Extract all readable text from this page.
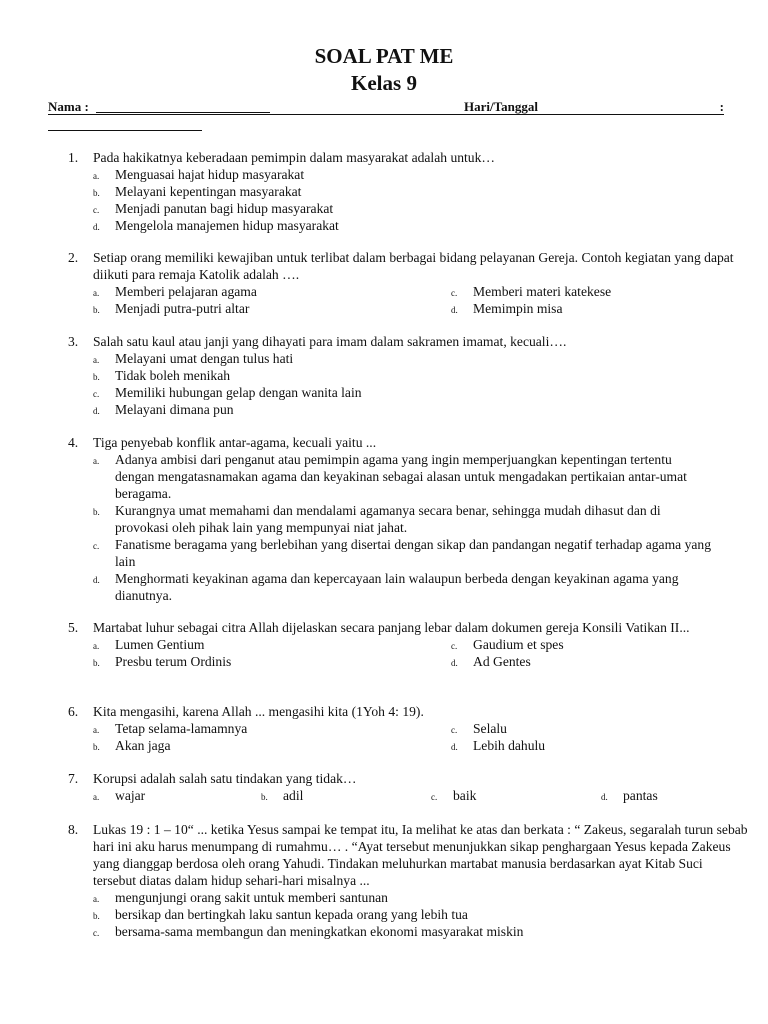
SOAL PAT ME
Kelas 9
Nama :	Hari/Tanggal	:
1.	Pada hakikatnya keberadaan pemimpin dalam masyarakat adalah untuk…
a. Menguasai hajat hidup masyarakat
b. Melayani kepentingan masyarakat
c. Menjadi panutan bagi hidup masyarakat
d. Mengelola manajemen hidup masyarakat
2.	Setiap orang memiliki kewajiban untuk terlibat dalam berbagai bidang pelayanan Gereja. Contoh kegiatan yang dapat diikuti para remaja Katolik adalah ….
a. Memberi pelajaran agama	c. Memberi materi katekese
b. Menjadi putra-putri altar	d. Memimpin misa
3.	Salah satu kaul atau janji yang dihayati para imam dalam sakramen imamat, kecuali….
a. Melayani umat dengan tulus hati
b. Tidak boleh menikah
c. Memiliki hubungan gelap dengan wanita lain
d. Melayani dimana pun
4.	Tiga penyebab konflik antar-agama, kecuali yaitu ...
a. Adanya ambisi dari penganut atau pemimpin agama yang ingin memperjuangkan kepentingan tertentu dengan mengatasnamakan agama dan keyakinan sebagai alasan untuk mengadakan pertikaian antar-umat beragama.
b. Kurangnya umat memahami dan mendalami agamanya secara benar, sehingga mudah dihasut dan di provokasi oleh pihak lain yang mempunyai niat jahat.
c. Fanatisme beragama yang berlebihan yang disertai dengan sikap dan pandangan negatif terhadap agama yang lain
d. Menghormati keyakinan agama dan kepercayaan lain walaupun berbeda dengan keyakinan agama yang dianutnya.
5.	Martabat luhur sebagai citra Allah dijelaskan secara panjang lebar dalam dokumen gereja Konsili Vatikan II...
a. Lumen Gentium	c. Gaudium et spes
b. Presbu terum Ordinis	d. Ad Gentes
6.	Kita mengasihi, karena Allah ... mengasihi kita (1Yoh 4: 19).
a. Tetap selama-lamamnya	c. Selalu
b. Akan jaga	d. Lebih dahulu
7.	Korupsi adalah salah satu tindakan yang tidak…
a. wajar	b. adil	c. baik	d. pantas
8.	Lukas 19 : 1 – 10“ ... ketika Yesus sampai ke tempat itu, Ia melihat ke atas dan berkata : “ Zakeus, segaralah turun sebab hari ini aku harus menumpang di rumahmu… . “Ayat tersebut menunjukkan sikap penghargaan Yesus kepada Zakeus yang dianggap berdosa oleh orang Yahudi. Tindakan meluhurkan martabat manusia berdasarkan ayat Kitab Suci tersebut diatas dalam hidup sehari-hari misalnya ...
a. mengunjungi orang sakit untuk memberi santunan
b. bersikap dan bertingkah laku santun kepada orang yang lebih tua
c. bersama-sama membangun dan meningkatkan ekonomi masyarakat miskin
